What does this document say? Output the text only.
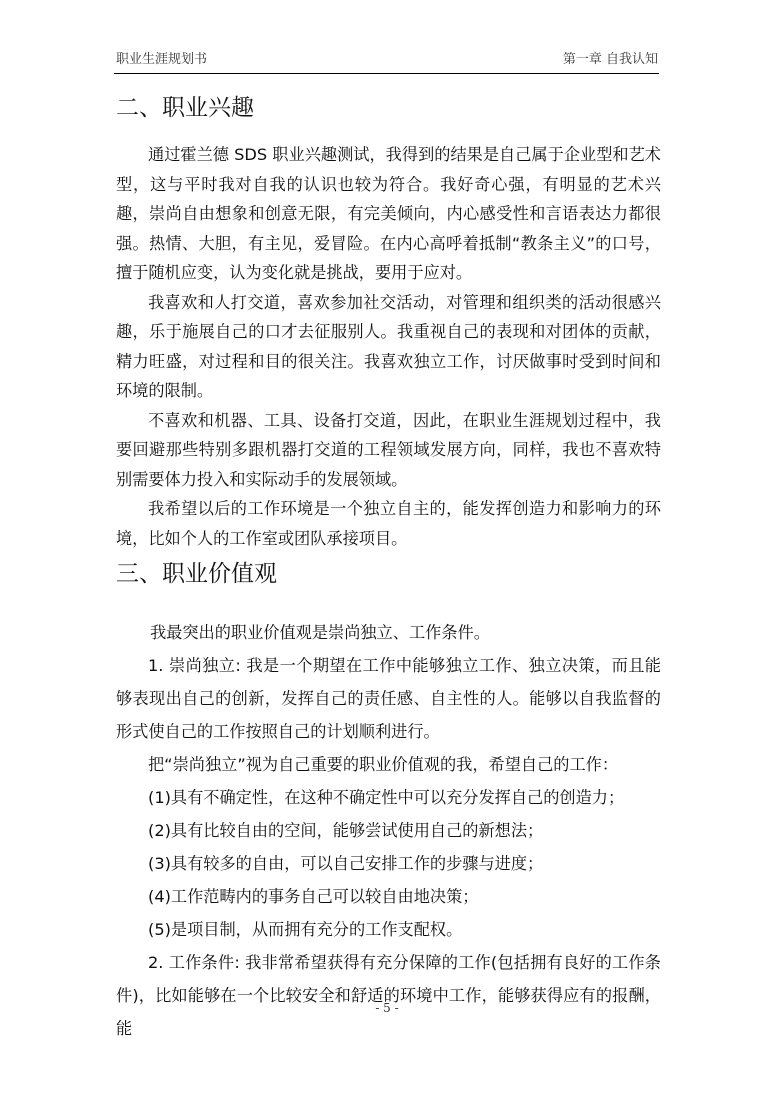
职业生涯规划书	第一章 自我认知
二、职业兴趣

通过霍兰德 SDS 职业兴趣测试，我得到的结果是自己属于企业型和艺术型，这与平时我对自我的认识也较为符合。我好奇心强，有明显的艺术兴趣，崇尚自由想象和创意无限，有完美倾向，内心感受性和言语表达力都很强。热情、大胆，有主见，爱冒险。在内心高呼着抵制“教条主义”的口号，擅于随机应变，认为变化就是挑战，要用于应对。

我喜欢和人打交道，喜欢参加社交活动，对管理和组织类的活动很感兴趣，乐于施展自己的口才去征服别人。我重视自己的表现和对团体的贡献，精力旺盛，对过程和目的很关注。我喜欢独立工作，讨厌做事时受到时间和环境的限制。

不喜欢和机器、工具、设备打交道，因此，在职业生涯规划过程中，我要回避那些特别多跟机器打交道的工程领域发展方向，同样，我也不喜欢特别需要体力投入和实际动手的发展领域。

我希望以后的工作环境是一个独立自主的，能发挥创造力和影响力的环境，比如个人的工作室或团队承接项目。

三、职业价值观

我最突出的职业价值观是崇尚独立、工作条件。

1. 崇尚独立: 我是一个期望在工作中能够独立工作、独立决策，而且能够表现出自己的创新，发挥自己的责任感、自主性的人。能够以自我监督的形式使自己的工作按照自己的计划顺利进行。

把“崇尚独立”视为自己重要的职业价值观的我，希望自己的工作：

(1)具有不确定性，在这种不确定性中可以充分发挥自己的创造力；

(2)具有比较自由的空间，能够尝试使用自己的新想法；

(3)具有较多的自由，可以自己安排工作的步骤与进度；

(4)工作范畴内的事务自己可以较自由地决策；

(5)是项目制，从而拥有充分的工作支配权。

2. 工作条件: 我非常希望获得有充分保障的工作(包括拥有良好的工作条件)，比如能够在一个比较安全和舒适的环境中工作，能够获得应有的报酬，能

- 5 -
